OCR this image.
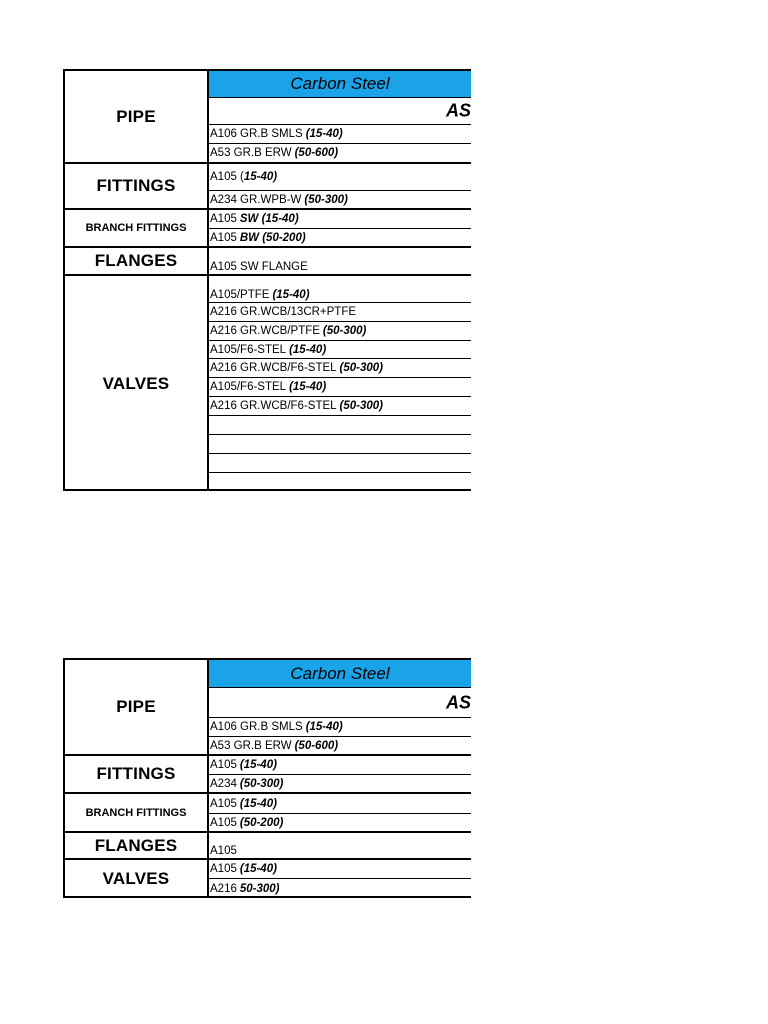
PIPE
FITTINGS
BRANCH FITTINGS
FLANGES
VALVES
Carbon Steel
AS
A106 GR.B SMLS (15-40)
A53 GR.B ERW (50-600)
A105 ( 15-40)
A234 GR.WPB-W (50-300)
A105 SW (15-40)
A105 BW (50-200)
A105 SW FLANGE
A105/PTFE (15-40)
A216 GR.WCB/13CR+PTFE
A216 GR.WCB/PTFE (50-300)
A105/F6-STEL (15-40)
A216 GR.WCB/F6-STEL (50-300)
A105/F6-STEL (15-40)
A216 GR.WCB/F6-STEL (50-300)
PIPE
FITTINGS
BRANCH FITTINGS
FLANGES
VALVES
Carbon Steel
AS
A106 GR.B SMLS (15-40)
A53 GR.B ERW (50-600)
A105 (15-40)
A234 (50-300)
A105 (15-40)
A105 (50-200)
A105
A105 (15-40)
A216 50-300)
